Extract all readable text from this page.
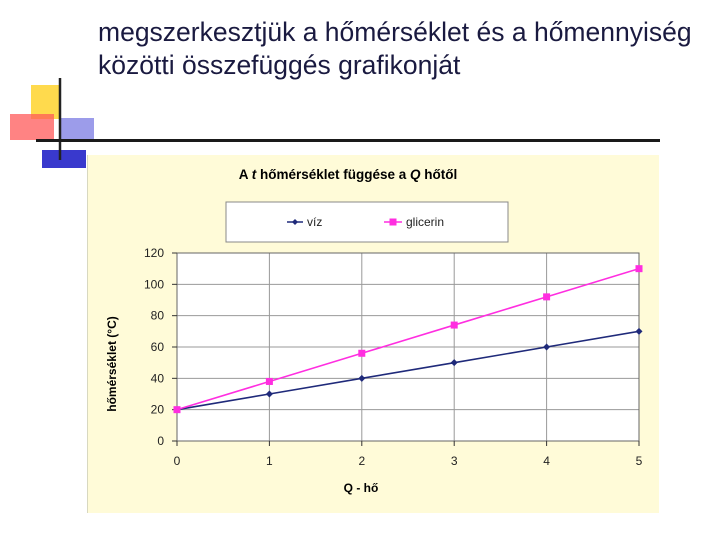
megszerkesztjük a hőmérséklet és a hőmennyiség közötti összefüggés grafikonját
A t hőmérséklet függése a Q hőtől
víz	glicerin
0
20
40
60
80
100
120
0	1	2	3	4	5
Q - hő
hőmérséklet (°C)
